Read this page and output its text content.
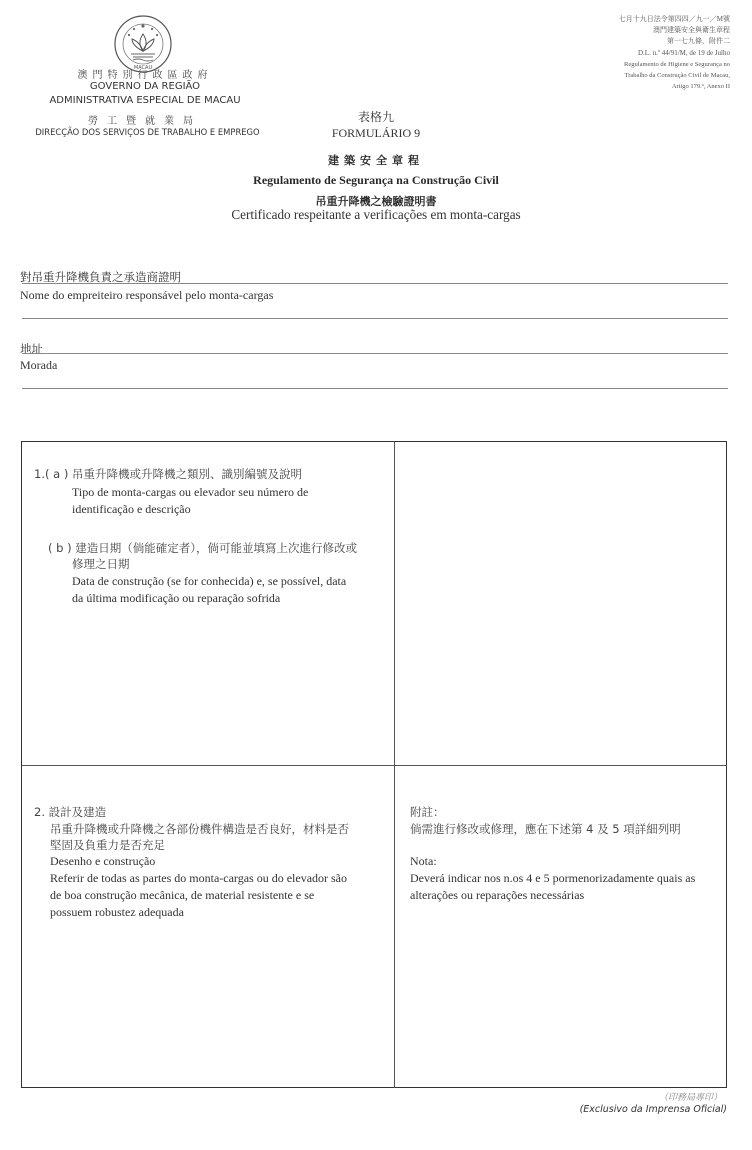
MACAU
澳門特別行政區政府
GOVERNO DA REGIÃO
ADMINISTRATIVA ESPECIAL DE MACAU
勞工暨就業局
DIRECÇÃO DOS SERVIÇOS DE TRABALHO E EMPREGO
七月十九日法令第四四／九一／M號
澳門建築安全與衛生章程
第一七九條，附件二
D.L. n.º 44/91/M, de 19 de Julho
Regulamento de Higiene e Segurança no
Trabalho da Construção Civil de Macau,
Artigo 179.º, Anexo II
表格九
FORMULÁRIO 9
建築安全章程
Regulamento de Segurança na Construção Civil
吊重升降機之檢驗證明書
Certificado respeitante a verificações em monta-cargas
對吊重升降機負責之承造商證明
Nome do empreiteiro responsável pelo monta-cargas
地址
Morada
1.( a ) 吊重升降機或升降機之類別、識別編號及說明
Tipo de monta-cargas ou elevador seu número de
identificação e descrição
( b ) 建造日期（倘能確定者），倘可能並填寫上次進行修改或
修理之日期
Data de construção (se for conhecida) e, se possível, data
da última modificação ou reparação sofrida
2. 設計及建造
吊重升降機或升降機之各部份機件構造是否良好，材料是否
堅固及負重力是否充足
Desenho e construção
Referir de todas as partes do monta-cargas ou do elevador são
de boa construção mecânica, de material resistente e se
possuem robustez adequada
附註：
倘需進行修改或修理，應在下述第 4 及 5 項詳細列明
Nota:
Deverá indicar nos n.os 4 e 5 pormenorizadamente quais as
alterações ou reparações necessárias
（印務局專印）
(Exclusivo da Imprensa Oficial)
